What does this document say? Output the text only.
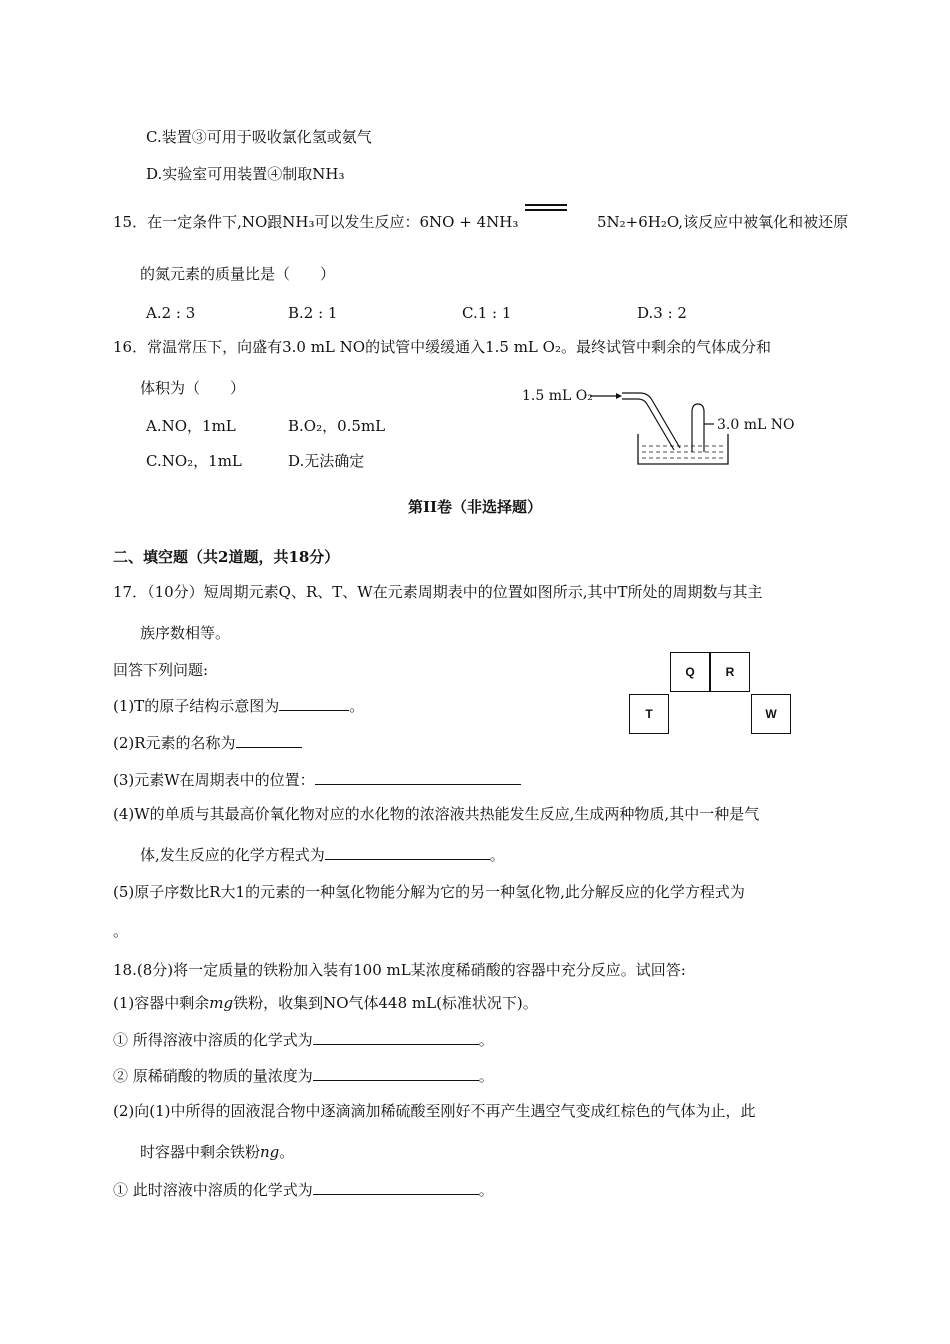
C.装置③可用于吸收氯化氢或氨气
D.实验室可用装置④制取NH₃
15．在一定条件下,NO跟NH₃可以发生反应：6NO + 4NH₃	5N₂+6H₂O,该反应中被氧化和被还原
的氮元素的质量比是（　　）
A.2 : 3	B.2 : 1	C.1 : 1	D.3 : 2
16．常温常压下，向盛有3.0 mL NO的试管中缓缓通入1.5 mL O₂。最终试管中剩余的气体成分和
体积为（　　）
A.NO，1mL	B.O₂，0.5mL
C.NO₂，1mL	D.无法确定
1.5 mL O₂
3.0 mL NO
第II卷（非选择题）
二、填空题（共2道题，共18分）
17．（10分）短周期元素Q、R、T、W在元素周期表中的位置如图所示,其中T所处的周期数与其主
族序数相等。
回答下列问题:
(1)T的原子结构示意图为	。
(2)R元素的名称为
(3)元素W在周期表中的位置：
(4)W的单质与其最高价氧化物对应的水化物的浓溶液共热能发生反应,生成两种物质,其中一种是气
体,发生反应的化学方程式为	。
(5)原子序数比R大1的元素的一种氢化物能分解为它的另一种氢化物,此分解反应的化学方程式为
。
Q	R
T	W
18.(8分)将一定质量的铁粉加入装有100 mL某浓度稀硝酸的容器中充分反应。试回答:
(1)容器中剩余mg铁粉，收集到NO气体448 mL(标准状况下)。
① 所得溶液中溶质的化学式为	。
② 原稀硝酸的物质的量浓度为	。
(2)向(1)中所得的固液混合物中逐滴滴加稀硫酸至刚好不再产生遇空气变成红棕色的气体为止，此
时容器中剩余铁粉ng。
① 此时溶液中溶质的化学式为	。
